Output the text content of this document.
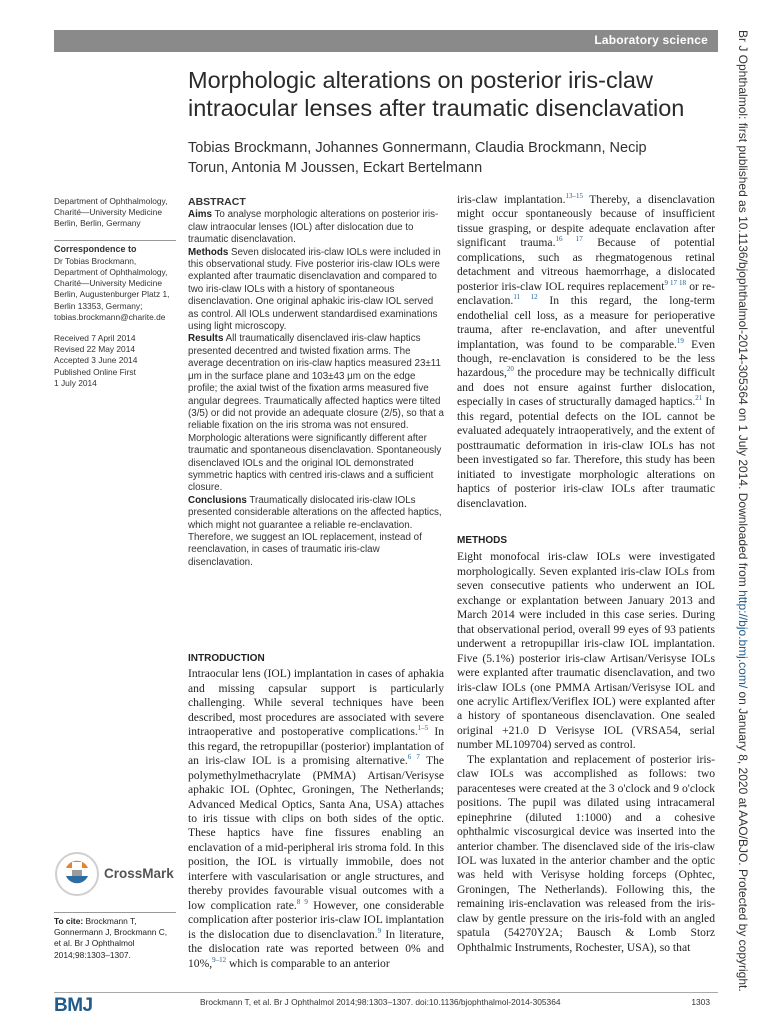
Laboratory science
Morphologic alterations on posterior iris-claw intraocular lenses after traumatic disenclavation
Tobias Brockmann, Johannes Gonnermann, Claudia Brockmann, Necip Torun, Antonia M Joussen, Eckart Bertelmann

Department of Ophthalmology, Charité—University Medicine Berlin, Berlin, Germany

Correspondence to

Dr Tobias Brockmann, Department of Ophthalmology, Charité—University Medicine Berlin, Augustenburger Platz 1, Berlin 13353, Germany; tobias.brockmann@charite.de

Received 7 April 2014
Revised 22 May 2014
Accepted 3 June 2014
Published Online First
1 July 2014
CrossMark
To cite: Brockmann T, Gonnermann J, Brockmann C, et al. Br J Ophthalmol 2014;98:1303–1307.
ABSTRACT
Aims To analyse morphologic alterations on posterior iris-claw intraocular lenses (IOL) after dislocation due to traumatic disenclavation.
Methods Seven dislocated iris-claw IOLs were included in this observational study. Five posterior iris-claw IOLs were explanted after traumatic disenclavation and compared to two iris-claw IOLs with a history of spontaneous disenclavation. One original aphakic iris-claw IOL served as control. All IOLs underwent standardised examinations using light microscopy.
Results All traumatically disenclaved iris-claw haptics presented decentred and twisted fixation arms. The average decentration on iris-claw haptics measured 23±11 μm in the surface plane and 103±43 μm on the edge profile; the axial twist of the fixation arms measured five angular degrees. Traumatically affected haptics were tilted (3/5) or did not provide an adequate closure (2/5), so that a reliable fixation on the iris stroma was not ensured. Morphologic alterations were significantly different after traumatic and spontaneous disenclavation. Spontaneously disenclaved IOLs and the original IOL demonstrated symmetric haptics with centred iris-claws and a sufficient closure.
Conclusions Traumatically dislocated iris-claw IOLs presented considerable alterations on the affected haptics, which might not guarantee a reliable re-enclavation. Therefore, we suggest an IOL replacement, instead of reenclavation, in cases of traumatic iris-claw disenclavation.
INTRODUCTION
Intraocular lens (IOL) implantation in cases of aphakia and missing capsular support is particularly challenging. While several techniques have been described, most procedures are associated with severe intraoperative and postoperative complications.$^{1-5}$ In this regard, the retropupillar (posterior) implantation of an iris-claw IOL is a promising alternative.$^{6 7}$ The polymethylmethacrylate (PMMA) Artisan/Verisyse aphakic IOL (Ophtec, Groningen, The Netherlands; Advanced Medical Optics, Santa Ana, USA) attaches to iris tissue with clips on both sides of the optic. These haptics have fine fissures enabling an enclavation of a mid-peripheral iris stroma fold. In this position, the IOL is virtually immobile, does not interfere with vascularisation or angle structures, and thereby provides favourable visual outcomes with a low complication rate.$^{8 9}$ However, one considerable complication after posterior iris-claw IOL implantation is the dislocation due to disenclavation.$^9$ In literature, the dislocation rate was reported between 0% and 10%,$^{9-12}$ which is comparable to an anterior
iris-claw implantation.$^{13-15}$ Thereby, a disenclavation might occur spontaneously because of insufficient tissue grasping, or despite adequate enclavation after significant trauma.$^{16 17}$ Because of potential complications, such as rhegmatogenous retinal detachment and vitreous haemorrhage, a dislocated posterior iris-claw IOL requires replacement$^{9 17 18}$ or re-enclavation.$^{11 12}$ In this regard, the long-term endothelial cell loss, as a measure for perioperative trauma, after re-enclavation, and after uneventful implantation, was found to be comparable.$^{19}$ Even though, re-enclavation is considered to be the less hazardous,$^{20}$ the procedure may be technically difficult and does not ensure against further dislocation, especially in cases of structurally damaged haptics.$^{21}$ In this regard, potential defects on the IOL cannot be evaluated adequately intraoperatively, and the extent of posttraumatic deformation in iris-claw IOLs has not been investigated so far. Therefore, this study has been initiated to investigate morphologic alterations on haptics of posterior iris-claw IOLs after traumatic disenclavation.
METHODS
Eight monofocal iris-claw IOLs were investigated morphologically. Seven explanted iris-claw IOLs from seven consecutive patients who underwent an IOL exchange or explantation between January 2013 and March 2014 were included in this case series. During that observational period, overall 99 eyes of 93 patients underwent a retropupillar iris-claw IOL implantation. Five (5.1%) posterior iris-claw Artisan/Verisyse IOLs were explanted after traumatic disenclavation, and two iris-claw IOLs (one PMMA Artisan/Verisyse IOL and one acrylic Artiflex/Veriflex IOL) were explanted after a history of spontaneous disenclavation. One sealed original +21.0 D Verisyse IOL (VRSA54, serial number ML109704) served as control.
The explantation and replacement of posterior iris-claw IOLs was accomplished as follows: two paracenteses were created at the 3 o'clock and 9 o'clock positions. The pupil was dilated using intracameral epinephrine (diluted 1:1000) and a cohesive ophthalmic viscosurgical device was inserted into the anterior chamber. The disenclaved side of the iris-claw IOL was luxated in the anterior chamber and the optic was held with Verisyse holding forceps (Ophtec, Groningen, The Netherlands). Following this, the remaining iris-enclavation was released from the iris-claw by gentle pressure on the iris-fold with an angled spatula (54270Y2A; Bausch & Lomb Storz Ophthalmic Instruments, Rochester, USA), so that
BMJ	Brockmann T, et al. Br J Ophthalmol 2014;98:1303–1307. doi:10.1136/bjophthalmol-2014-305364	1303
Br J Ophthalmol: first published as 10.1136/bjophthalmol-2014-305364 on 1 July 2014. Downloaded from http://bjo.bmj.com/ on January 8, 2020 at AAO/BJO. Protected by copyright.
